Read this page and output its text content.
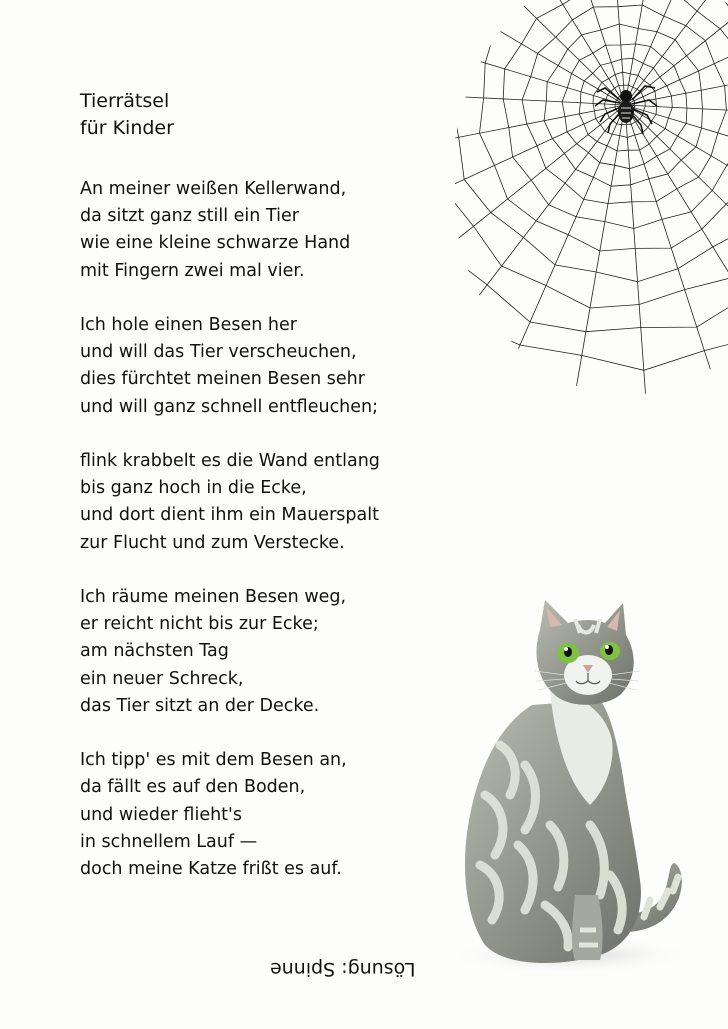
Tierrätsel
für Kinder
An meiner weißen Kellerwand,
da sitzt ganz still ein Tier
wie eine kleine schwarze Hand
mit Fingern zwei mal vier.
Ich hole einen Besen her
und will das Tier verscheuchen,
dies fürchtet meinen Besen sehr
und will ganz schnell entfleuchen;
flink krabbelt es die Wand entlang
bis ganz hoch in die Ecke,
und dort dient ihm ein Mauerspalt
zur Flucht und zum Verstecke.
Ich räume meinen Besen weg,
er reicht nicht bis zur Ecke;
am nächsten Tag
ein neuer Schreck,
das Tier sitzt an der Decke.
Ich tipp' es mit dem Besen an,
da fällt es auf den Boden,
und wieder flieht's
in schnellem Lauf —
doch meine Katze frißt es auf.
Lösung: Spinne
